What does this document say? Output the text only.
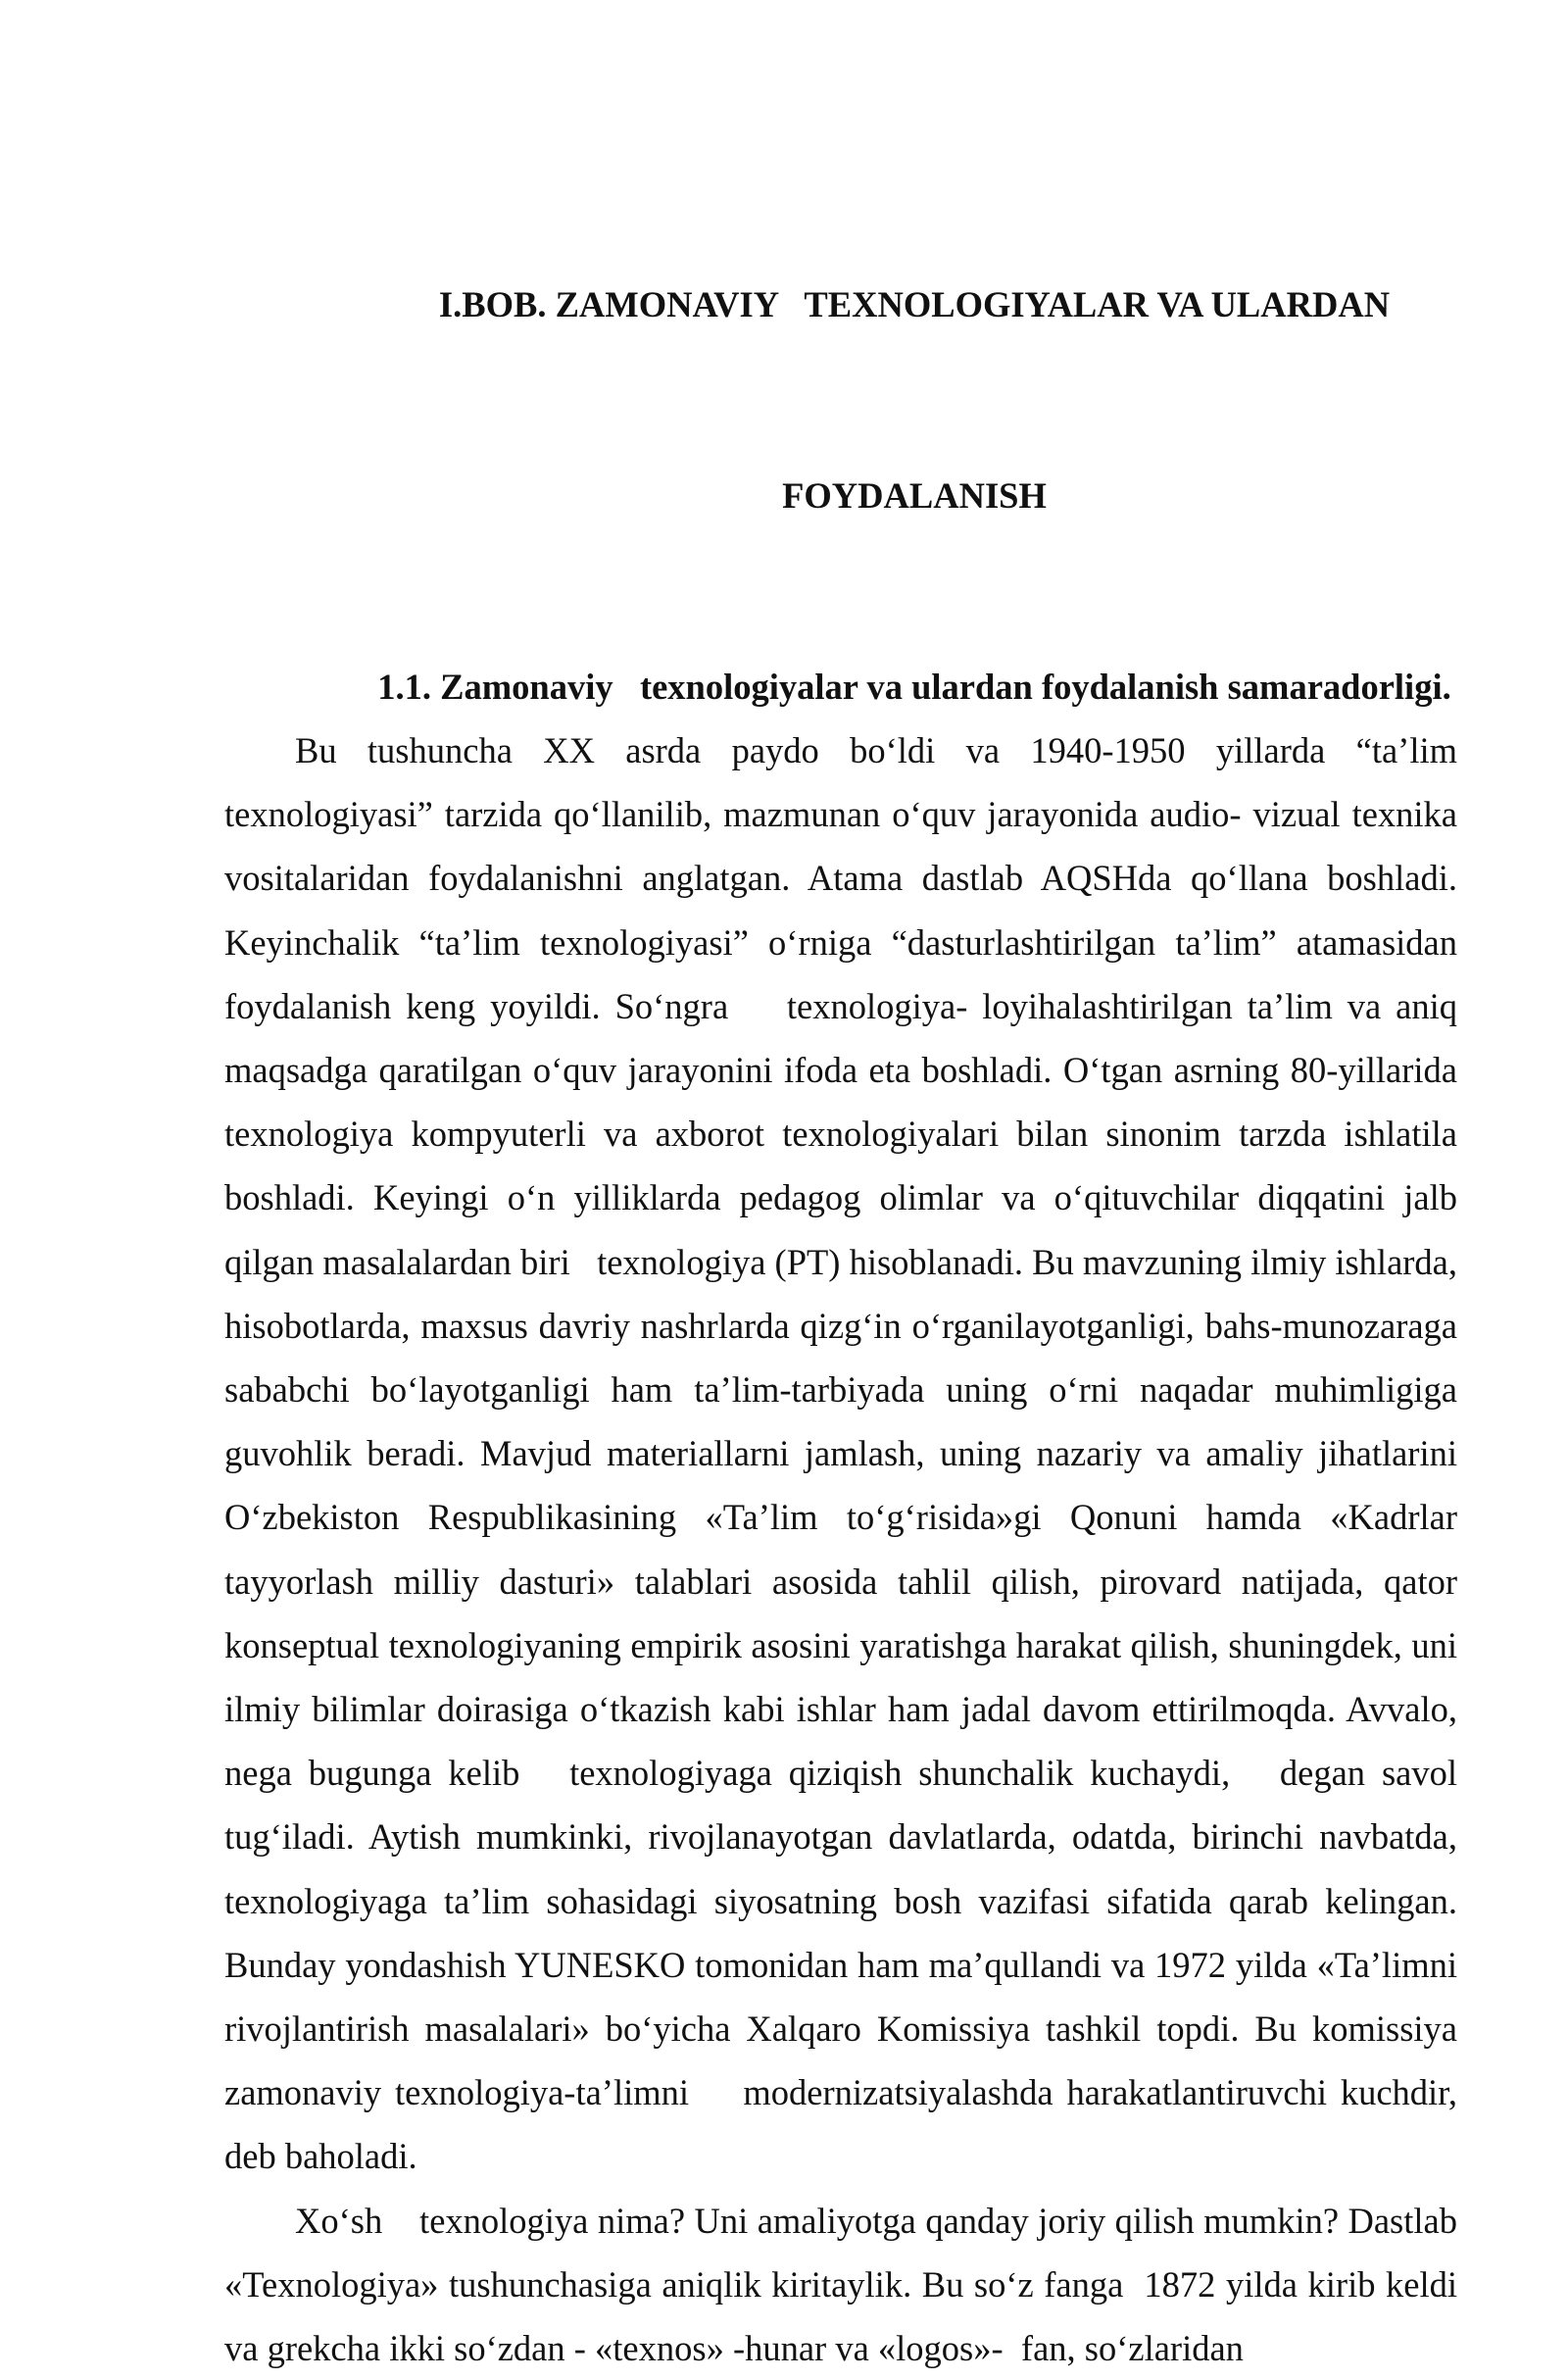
I.BOB. ZAMONAVIY   TEXNOLOGIYALAR VA ULARDAN

FOYDALANISH

1.1. Zamonaviy   texnologiyalar va ulardan foydalanish samaradorligi.

Bu tushuncha XX asrda paydo bo‘ldi va 1940-1950 yillarda “ta’lim texnologiyasi” tarzida qo‘llanilib, mazmunan o‘quv jarayonida audio- vizual texnika vositalaridan foydalanishni anglatgan. Atama dastlab AQSHda qo‘llana boshladi. Keyinchalik “ta’lim texnologiyasi” o‘rniga “dasturlashtirilgan ta’lim” atamasidan foydalanish keng yoyildi. So‘ngra    texnologiya- loyihalashtirilgan ta’lim va aniq maqsadga qaratilgan o‘quv jarayonini ifoda eta boshladi. O‘tgan asrning 80-yillarida    texnologiya kompyuterli va axborot texnologiyalari bilan sinonim tarzda ishlatila boshladi. Keyingi o‘n yilliklarda pedagog olimlar va o‘qituvchilar diqqatini jalb qilgan masalalardan biri   texnologiya (PT) hisoblanadi. Bu mavzuning ilmiy ishlarda, hisobotlarda, maxsus davriy nashrlarda qizg‘in o‘rganilayotganligi, bahs-munozaraga sababchi bo‘layotganligi ham ta’lim-tarbiyada uning o‘rni naqadar muhimligiga guvohlik beradi. Mavjud materiallarni jamlash, uning nazariy va amaliy jihatlarini O‘zbekiston Respublikasining «Ta’lim to‘g‘risida»gi Qonuni hamda «Kadrlar tayyorlash milliy dasturi» talablari asosida tahlil qilish, pirovard natijada, qator konseptual texnologiyaning empirik asosini yaratishga harakat qilish, shuningdek, uni ilmiy bilimlar doirasiga o‘tkazish kabi ishlar ham jadal davom ettirilmoqda. Avvalo, nega bugunga kelib   texnologiyaga qiziqish shunchalik kuchaydi,   degan savol tug‘iladi. Aytish mumkinki, rivojlanayotgan davlatlarda, odatda, birinchi navbatda,    texnologiyaga ta’lim sohasidagi siyosatning bosh vazifasi sifatida qarab kelingan. Bunday yondashish YUNESKO tomonidan ham ma’qullandi va 1972 yilda «Ta’limni rivojlantirish masalalari» bo‘yicha Xalqaro Komissiya tashkil topdi. Bu komissiya  zamonaviy texnologiya-ta’limni    modernizatsiyalashda harakatlantiruvchi kuchdir, deb baholadi.

Xo‘sh    texnologiya nima? Uni amaliyotga qanday joriy qilish mumkin? Dastlab «Texnologiya» tushunchasiga aniqlik kiritaylik. Bu so‘z fanga  1872 yilda kirib keldi va grekcha ikki so‘zdan - «texnos» -hunar va «logos»-  fan, so‘zlaridan
